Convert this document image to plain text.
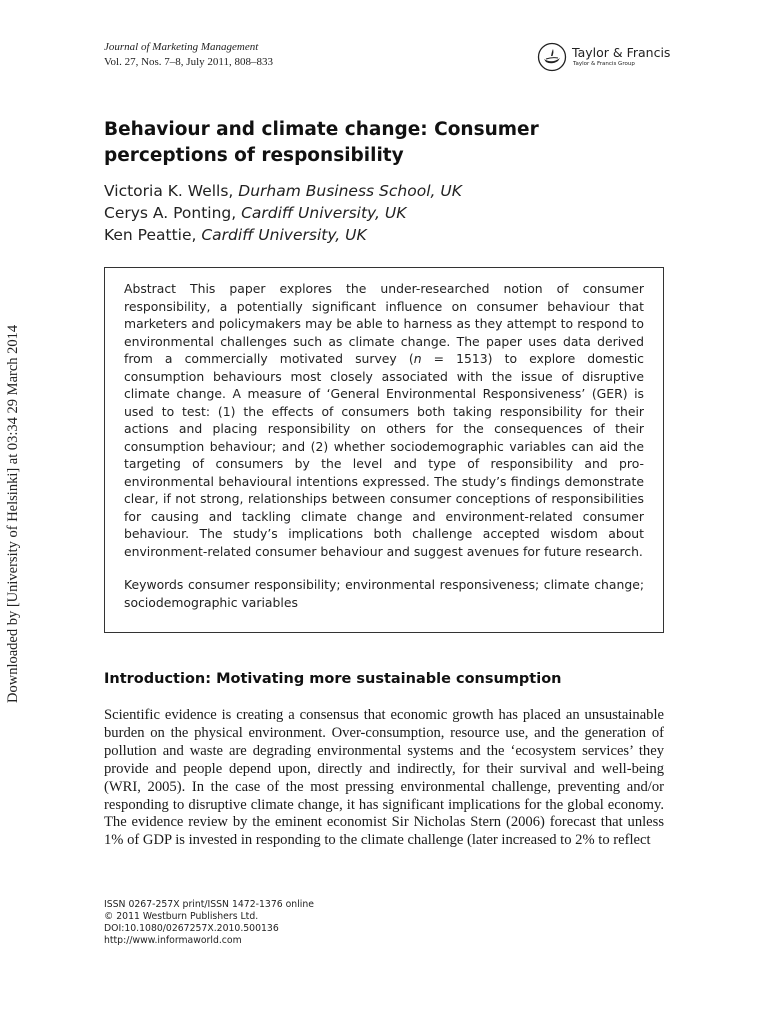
Downloaded by [University of Helsinki] at 03:34 29 March 2014
Journal of Marketing Management
Vol. 27, Nos. 7–8, July 2011, 808–833
Taylor & Francis
Taylor & Francis Group
Behaviour and climate change: Consumer
perceptions of responsibility
Victoria K. Wells, Durham Business School, UK
Cerys A. Ponting, Cardiff University, UK
Ken Peattie, Cardiff University, UK

Abstract This paper explores the under-researched notion of consumer responsibility, a potentially significant influence on consumer behaviour that marketers and policymakers may be able to harness as they attempt to respond to environmental challenges such as climate change. The paper uses data derived from a commercially motivated survey (n = 1513) to explore domestic consumption behaviours most closely associated with the issue of disruptive climate change. A measure of ‘General Environmental Responsiveness’ (GER) is used to test: (1) the effects of consumers both taking responsibility for their actions and placing responsibility on others for the consequences of their consumption behaviour; and (2) whether sociodemographic variables can aid the targeting of consumers by the level and type of responsibility and pro-environmental behavioural intentions expressed. The study’s findings demonstrate clear, if not strong, relationships between consumer conceptions of responsibilities for causing and tackling climate change and environment-related consumer behaviour. The study’s implications both challenge accepted wisdom about environment-related consumer behaviour and suggest avenues for future research.

Keywords consumer responsibility; environmental responsiveness; climate change; sociodemographic variables

Introduction: Motivating more sustainable consumption

Scientific evidence is creating a consensus that economic growth has placed an unsustainable burden on the physical environment. Over-consumption, resource use, and the generation of pollution and waste are degrading environmental systems and the ‘ecosystem services’ they provide and people depend upon, directly and indirectly, for their survival and well-being (WRI, 2005). In the case of the most pressing environmental challenge, preventing and/or responding to disruptive climate change, it has significant implications for the global economy. The evidence review by the eminent economist Sir Nicholas Stern (2006) forecast that unless 1% of GDP is invested in responding to the climate challenge (later increased to 2% to reflect

ISSN 0267-257X print/ISSN 1472-1376 online
© 2011 Westburn Publishers Ltd.
DOI:10.1080/0267257X.2010.500136
http://www.informaworld.com
